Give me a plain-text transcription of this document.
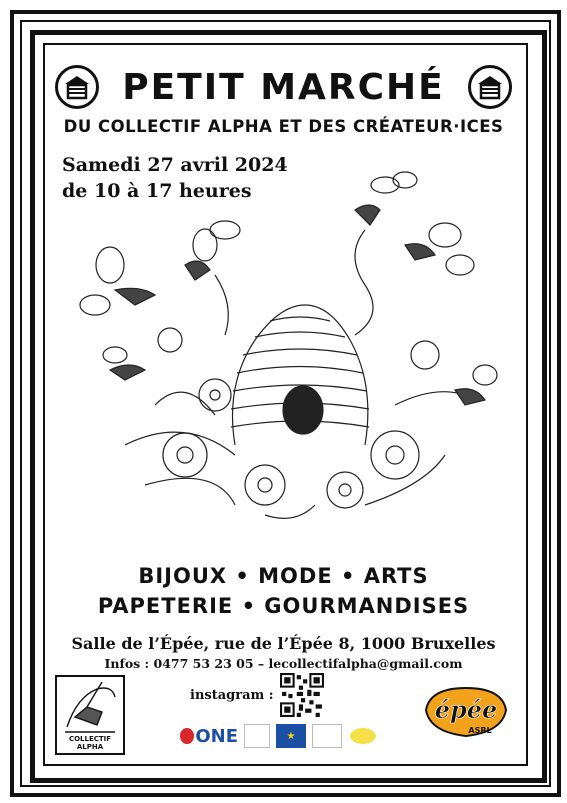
PETIT MARCHÉ
DU COLLECTIF ALPHA ET DES CRÉATEUR·ICES
Samedi 27 avril 2024
de 10 à 17 heures
BIJOUX • MODE • ARTS
PAPETERIE • GOURMANDISES
Salle de l’Épée, rue de l’Épée 8, 1000 Bruxelles
Infos : 0477 53 23 05 – lecollectifalpha@gmail.com
instagram :
COLLECTIF ALPHA
ONE	★
épée
ASBL
